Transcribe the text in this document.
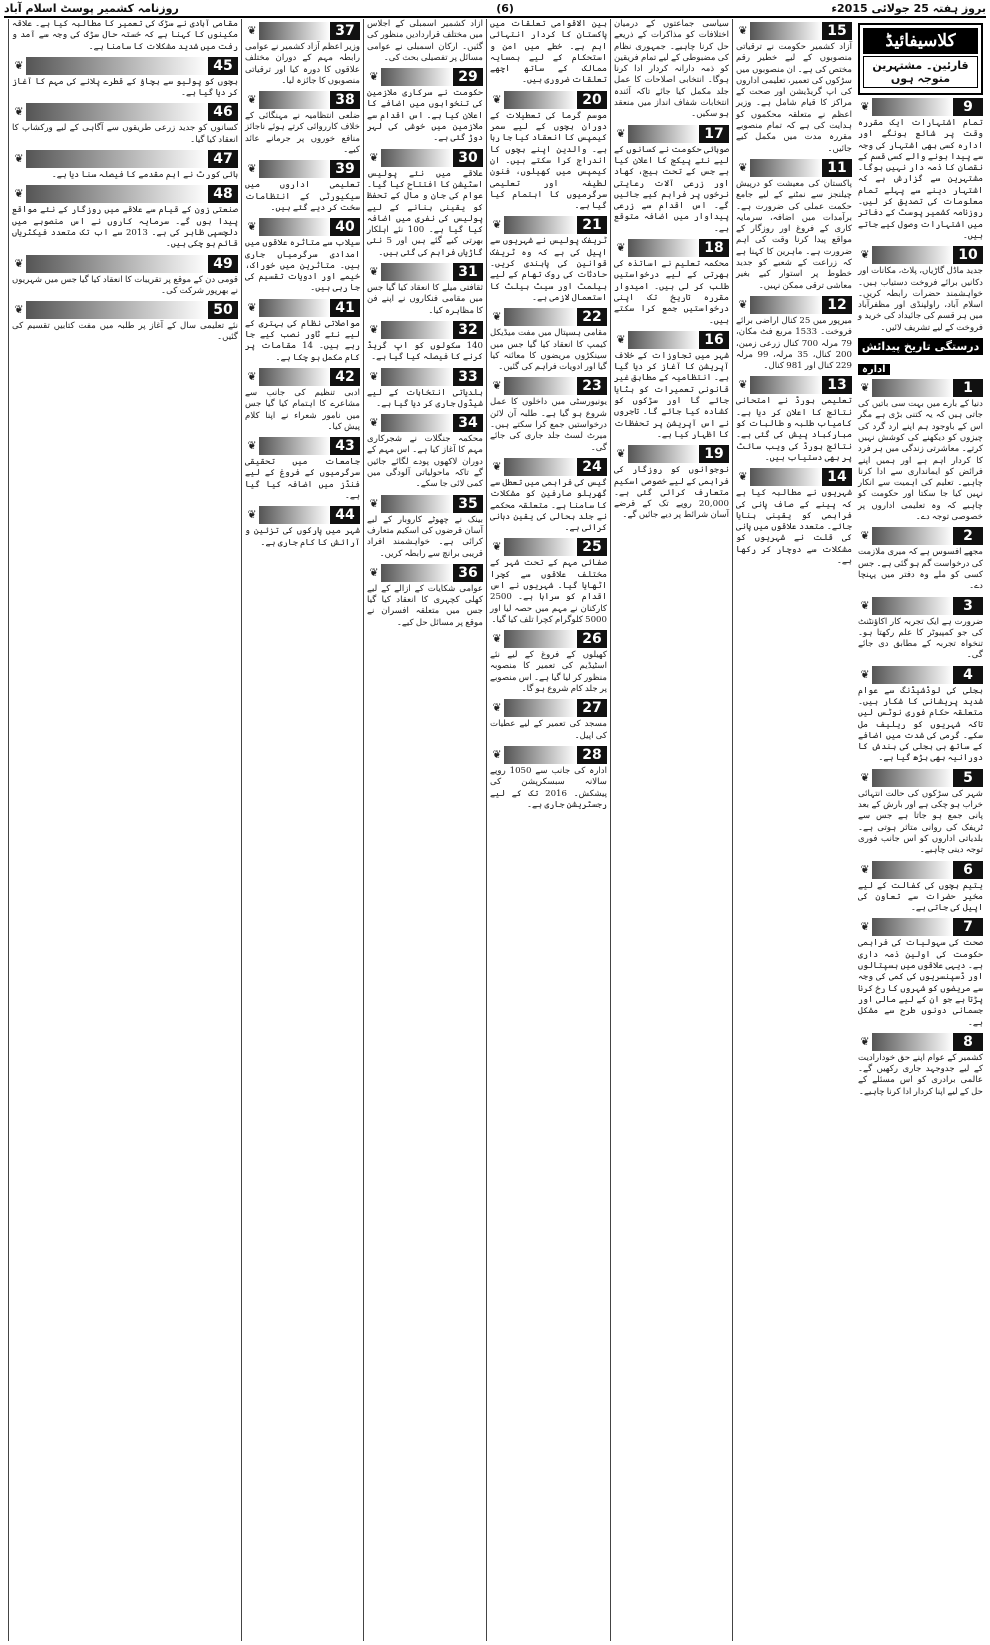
روزنامہ کشمیر پوسٹ اسلام آباد	(6)	بروز ہفتہ 25 جولائی 2015ء
کلاسیفائیڈ
قارئین۔ مشتہرین متوجہ ہوں
9
❦
تمام اشتہارات ایک مقررہ وقت پر شائع ہونگے اور ادارہ کسی بھی اشتہار کی وجہ سے پیدا ہونے والے کسی قسم کے نقصان کا ذمہ دار نہیں ہوگا۔ مشتہرین سے گزارش ہے کہ اشتہار دینے سے پہلے تمام معلومات کی تصدیق کر لیں۔ روزنامہ کشمیر پوسٹ کے دفاتر میں اشتہارات وصول کیے جاتے ہیں۔
10
❦
جدید ماڈل گاڑیاں، پلاٹ، مکانات اور دکانیں برائے فروخت دستیاب ہیں۔ خواہشمند حضرات رابطہ کریں۔ اسلام آباد، راولپنڈی اور مظفرآباد میں ہر قسم کی جائیداد کی خرید و فروخت کے لیے تشریف لائیں۔
درستگی تاریخ پیدائش
ادارہ
1
❦
دنیا کے بارے میں بہت سی باتیں کی جاتی ہیں کہ یہ کتنی بڑی ہے مگر اس کے باوجود ہم اپنے ارد گرد کی چیزوں کو دیکھنے کی کوشش نہیں کرتے۔ معاشرتی زندگی میں ہر فرد کا کردار اہم ہے اور ہمیں اپنے فرائض کو ایمانداری سے ادا کرنا چاہیے۔ تعلیم کی اہمیت سے انکار نہیں کیا جا سکتا اور حکومت کو چاہیے کہ وہ تعلیمی اداروں پر خصوصی توجہ دے۔
2
❦
مجھے افسوس ہے کہ میری ملازمت کی درخواست گم ہو گئی ہے۔ جس کسی کو ملے وہ دفتر میں پہنچا دے۔
3
❦
ضرورت ہے ایک تجربہ کار اکاؤنٹنٹ کی جو کمپیوٹر کا علم رکھتا ہو۔ تنخواہ تجربہ کے مطابق دی جائے گی۔
4
❦
بجلی کی لوڈشیڈنگ سے عوام شدید پریشانی کا شکار ہیں۔ متعلقہ حکام فوری نوٹس لیں تاکہ شہریوں کو ریلیف مل سکے۔ گرمی کی شدت میں اضافے کے ساتھ ہی بجلی کی بندش کا دورانیہ بھی بڑھ گیا ہے۔
5
❦
شہر کی سڑکوں کی حالت انتہائی خراب ہو چکی ہے اور بارش کے بعد پانی جمع ہو جاتا ہے جس سے ٹریفک کی روانی متاثر ہوتی ہے۔ بلدیاتی اداروں کو اس جانب فوری توجہ دینی چاہیے۔
6
❦
یتیم بچوں کی کفالت کے لیے مخیر حضرات سے تعاون کی اپیل کی جاتی ہے۔
7
❦
صحت کی سہولیات کی فراہمی حکومت کی اولین ذمہ داری ہے۔ دیہی علاقوں میں ہسپتالوں اور ڈسپنسریوں کی کمی کی وجہ سے مریضوں کو شہروں کا رخ کرنا پڑتا ہے جو ان کے لیے مالی اور جسمانی دونوں طرح سے مشکل ہے۔
8
❦
کشمیر کے عوام اپنے حق خودارادیت کے لیے جدوجہد جاری رکھیں گے۔ عالمی برادری کو اس مسئلے کے حل کے لیے اپنا کردار ادا کرنا چاہیے۔
15
❦
آزاد کشمیر حکومت نے ترقیاتی منصوبوں کے لیے خطیر رقم مختص کی ہے۔ ان منصوبوں میں سڑکوں کی تعمیر، تعلیمی اداروں کی اپ گریڈیشن اور صحت کے مراکز کا قیام شامل ہے۔ وزیر اعظم نے متعلقہ محکموں کو ہدایت کی ہے کہ تمام منصوبے مقررہ مدت میں مکمل کیے جائیں۔
11
❦
پاکستان کی معیشت کو درپیش چیلنجز سے نمٹنے کے لیے جامع حکمت عملی کی ضرورت ہے۔ برآمدات میں اضافہ، سرمایہ کاری کے فروغ اور روزگار کے مواقع پیدا کرنا وقت کی اہم ضرورت ہے۔ ماہرین کا کہنا ہے کہ زراعت کے شعبے کو جدید خطوط پر استوار کیے بغیر معاشی ترقی ممکن نہیں۔
12
❦
میرپور میں 25 کنال اراضی برائے فروخت۔ 1533 مربع فٹ مکان، 79 مرلہ 700 کنال زرعی زمین، 200 کنال، 35 مرلہ، 99 مرلہ 229 کنال اور 981 کنال۔
13
❦
تعلیمی بورڈ نے امتحانی نتائج کا اعلان کر دیا ہے۔ کامیاب طلبہ و طالبات کو مبارکباد پیش کی گئی ہے۔ نتائج بورڈ کی ویب سائٹ پر بھی دستیاب ہیں۔
14
❦
شہریوں نے مطالبہ کیا ہے کہ پینے کے صاف پانی کی فراہمی کو یقینی بنایا جائے۔ متعدد علاقوں میں پانی کی قلت نے شہریوں کو مشکلات سے دوچار کر رکھا ہے۔
سیاسی جماعتوں کے درمیان اختلافات کو مذاکرات کے ذریعے حل کرنا چاہیے۔ جمہوری نظام کی مضبوطی کے لیے تمام فریقین کو ذمہ دارانہ کردار ادا کرنا ہوگا۔ انتخابی اصلاحات کا عمل جلد مکمل کیا جائے تاکہ آئندہ انتخابات شفاف انداز میں منعقد ہو سکیں۔
17
❦
صوبائی حکومت نے کسانوں کے لیے نئے پیکج کا اعلان کیا ہے جس کے تحت بیج، کھاد اور زرعی آلات رعایتی نرخوں پر فراہم کیے جائیں گے۔ اس اقدام سے زرعی پیداوار میں اضافہ متوقع ہے۔
18
❦
محکمہ تعلیم نے اساتذہ کی بھرتی کے لیے درخواستیں طلب کر لی ہیں۔ امیدوار مقررہ تاریخ تک اپنی درخواستیں جمع کرا سکتے ہیں۔
16
❦
شہر میں تجاوزات کے خلاف آپریشن کا آغاز کر دیا گیا ہے۔ انتظامیہ کے مطابق غیر قانونی تعمیرات کو ہٹایا جائے گا اور سڑکوں کو کشادہ کیا جائے گا۔ تاجروں نے اس آپریشن پر تحفظات کا اظہار کیا ہے۔
19
❦
نوجوانوں کو روزگار کی فراہمی کے لیے خصوصی اسکیم متعارف کرائی گئی ہے۔ 20,000 روپے تک کے قرضے آسان شرائط پر دیے جائیں گے۔
بین الاقوامی تعلقات میں پاکستان کا کردار انتہائی اہم ہے۔ خطے میں امن و استحکام کے لیے ہمسایہ ممالک کے ساتھ اچھے تعلقات ضروری ہیں۔
20
❦
موسم گرما کی تعطیلات کے دوران بچوں کے لیے سمر کیمپس کا انعقاد کیا جا رہا ہے۔ والدین اپنے بچوں کا اندراج کرا سکتے ہیں۔ ان کیمپس میں کھیلوں، فنون لطیفہ اور تعلیمی سرگرمیوں کا اہتمام کیا گیا ہے۔
21
❦
ٹریفک پولیس نے شہریوں سے اپیل کی ہے کہ وہ ٹریفک قوانین کی پابندی کریں۔ حادثات کی روک تھام کے لیے ہیلمٹ اور سیٹ بیلٹ کا استعمال لازمی ہے۔
22
❦
مقامی ہسپتال میں مفت میڈیکل کیمپ کا انعقاد کیا گیا جس میں سینکڑوں مریضوں کا معائنہ کیا گیا اور ادویات فراہم کی گئیں۔
23
❦
یونیورسٹی میں داخلوں کا عمل شروع ہو گیا ہے۔ طلبہ آن لائن درخواستیں جمع کرا سکتے ہیں۔ میرٹ لسٹ جلد جاری کی جائے گی۔
24
❦
گیس کی فراہمی میں تعطل سے گھریلو صارفین کو مشکلات کا سامنا ہے۔ متعلقہ محکمے نے جلد بحالی کی یقین دہانی کرائی ہے۔
25
❦
صفائی مہم کے تحت شہر کے مختلف علاقوں سے کچرا اٹھایا گیا۔ شہریوں نے اس اقدام کو سراہا ہے۔ 2500 کارکنان نے مہم میں حصہ لیا اور 5000 کلوگرام کچرا تلف کیا گیا۔
26
❦
کھیلوں کے فروغ کے لیے نئے اسٹیڈیم کی تعمیر کا منصوبہ منظور کر لیا گیا ہے۔ اس منصوبے پر جلد کام شروع ہو گا۔
27
❦
مسجد کی تعمیر کے لیے عطیات کی اپیل۔
28
❦
ادارہ کی جانب سے 1050 روپے سالانہ سبسکرپشن کی پیشکش۔ 2016 تک کے لیے رجسٹریشن جاری ہے۔
آزاد کشمیر اسمبلی کے اجلاس میں مختلف قراردادیں منظور کی گئیں۔ ارکان اسمبلی نے عوامی مسائل پر تفصیلی بحث کی۔
29
❦
حکومت نے سرکاری ملازمین کی تنخواہوں میں اضافے کا اعلان کیا ہے۔ اس اقدام سے ملازمین میں خوشی کی لہر دوڑ گئی ہے۔
30
❦
علاقے میں نئے پولیس اسٹیشن کا افتتاح کیا گیا۔ عوام کی جان و مال کے تحفظ کو یقینی بنانے کے لیے پولیس کی نفری میں اضافہ کیا گیا ہے۔ 100 نئے اہلکار بھرتی کیے گئے ہیں اور 5 نئی گاڑیاں فراہم کی گئی ہیں۔
31
❦
ثقافتی میلے کا انعقاد کیا گیا جس میں مقامی فنکاروں نے اپنے فن کا مظاہرہ کیا۔
32
❦
140 سکولوں کو اپ گریڈ کرنے کا فیصلہ کیا گیا ہے۔
33
❦
بلدیاتی انتخابات کے لیے شیڈول جاری کر دیا گیا ہے۔
34
❦
محکمہ جنگلات نے شجرکاری مہم کا آغاز کیا ہے۔ اس مہم کے دوران لاکھوں پودے لگائے جائیں گے تاکہ ماحولیاتی آلودگی میں کمی لائی جا سکے۔
35
❦
بینک نے چھوٹے کاروبار کے لیے آسان قرضوں کی اسکیم متعارف کرائی ہے۔ خواہشمند افراد قریبی برانچ سے رابطہ کریں۔
36
❦
عوامی شکایات کے ازالے کے لیے کھلی کچہری کا انعقاد کیا گیا جس میں متعلقہ افسران نے موقع پر مسائل حل کیے۔
37
❦
وزیر اعظم آزاد کشمیر نے عوامی رابطہ مہم کے دوران مختلف علاقوں کا دورہ کیا اور ترقیاتی منصوبوں کا جائزہ لیا۔
38
❦
ضلعی انتظامیہ نے مہنگائی کے خلاف کارروائی کرتے ہوئے ناجائز منافع خوروں پر جرمانے عائد کیے۔
39
❦
تعلیمی اداروں میں سیکیورٹی کے انتظامات سخت کر دیے گئے ہیں۔
40
❦
سیلاب سے متاثرہ علاقوں میں امدادی سرگرمیاں جاری ہیں۔ متاثرین میں خوراک، خیمے اور ادویات تقسیم کی جا رہی ہیں۔
41
❦
مواصلاتی نظام کی بہتری کے لیے نئے ٹاور نصب کیے جا رہے ہیں۔ 14 مقامات پر کام مکمل ہو چکا ہے۔
42
❦
ادبی تنظیم کی جانب سے مشاعرے کا اہتمام کیا گیا جس میں نامور شعراء نے اپنا کلام پیش کیا۔
43
❦
جامعات میں تحقیقی سرگرمیوں کے فروغ کے لیے فنڈز میں اضافہ کیا گیا ہے۔
44
❦
شہر میں پارکوں کی تزئین و آرائش کا کام جاری ہے۔
مقامی آبادی نے سڑک کی تعمیر کا مطالبہ کیا ہے۔ علاقہ مکینوں کا کہنا ہے کہ خستہ حال سڑک کی وجہ سے آمد و رفت میں شدید مشکلات کا سامنا ہے۔
45
❦
بچوں کو پولیو سے بچاؤ کے قطرے پلانے کی مہم کا آغاز کر دیا گیا ہے۔
46
❦
کسانوں کو جدید زرعی طریقوں سے آگاہی کے لیے ورکشاپ کا انعقاد کیا گیا۔
47
❦
ہائی کورٹ نے اہم مقدمے کا فیصلہ سنا دیا ہے۔
48
❦
صنعتی زون کے قیام سے علاقے میں روزگار کے نئے مواقع پیدا ہوں گے۔ سرمایہ کاروں نے اس منصوبے میں دلچسپی ظاہر کی ہے۔ 2013 سے اب تک متعدد فیکٹریاں قائم ہو چکی ہیں۔
49
❦
قومی دن کے موقع پر تقریبات کا انعقاد کیا گیا جس میں شہریوں نے بھرپور شرکت کی۔
50
❦
نئے تعلیمی سال کے آغاز پر طلبہ میں مفت کتابیں تقسیم کی گئیں۔
